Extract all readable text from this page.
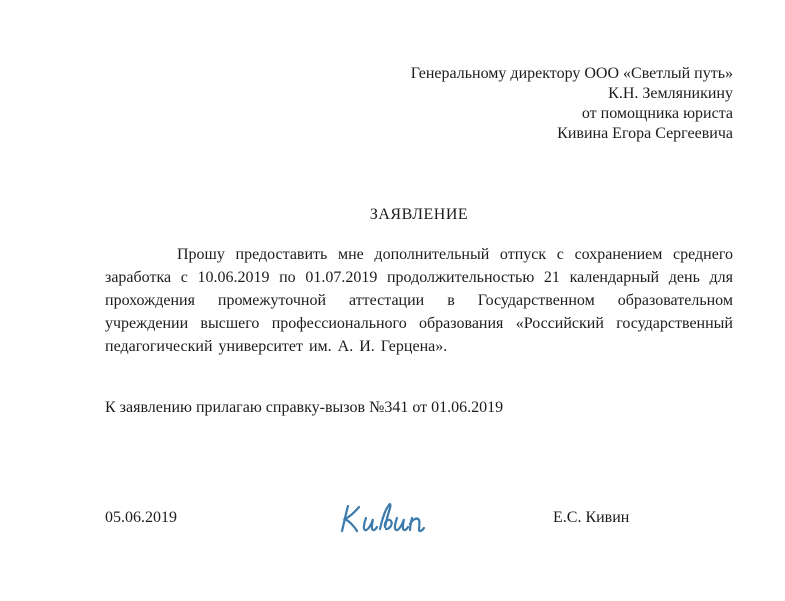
Генеральному директору ООО «Светлый путь»
К.Н. Земляникину
от помощника юриста
Кивина Егора Сергеевича
ЗАЯВЛЕНИЕ
Прошу предоставить мне дополнительный отпуск с сохранением среднего заработка с 10.06.2019 по 01.07.2019 продолжительностью 21 календарный день для прохождения промежуточной аттестации в Государственном образовательном учреждении высшего профессионального образования «Российский государственный педагогический университет им. А. И. Герцена».
К заявлению прилагаю справку-вызов №341 от 01.06.2019
05.06.2019	Е.С. Кивин
